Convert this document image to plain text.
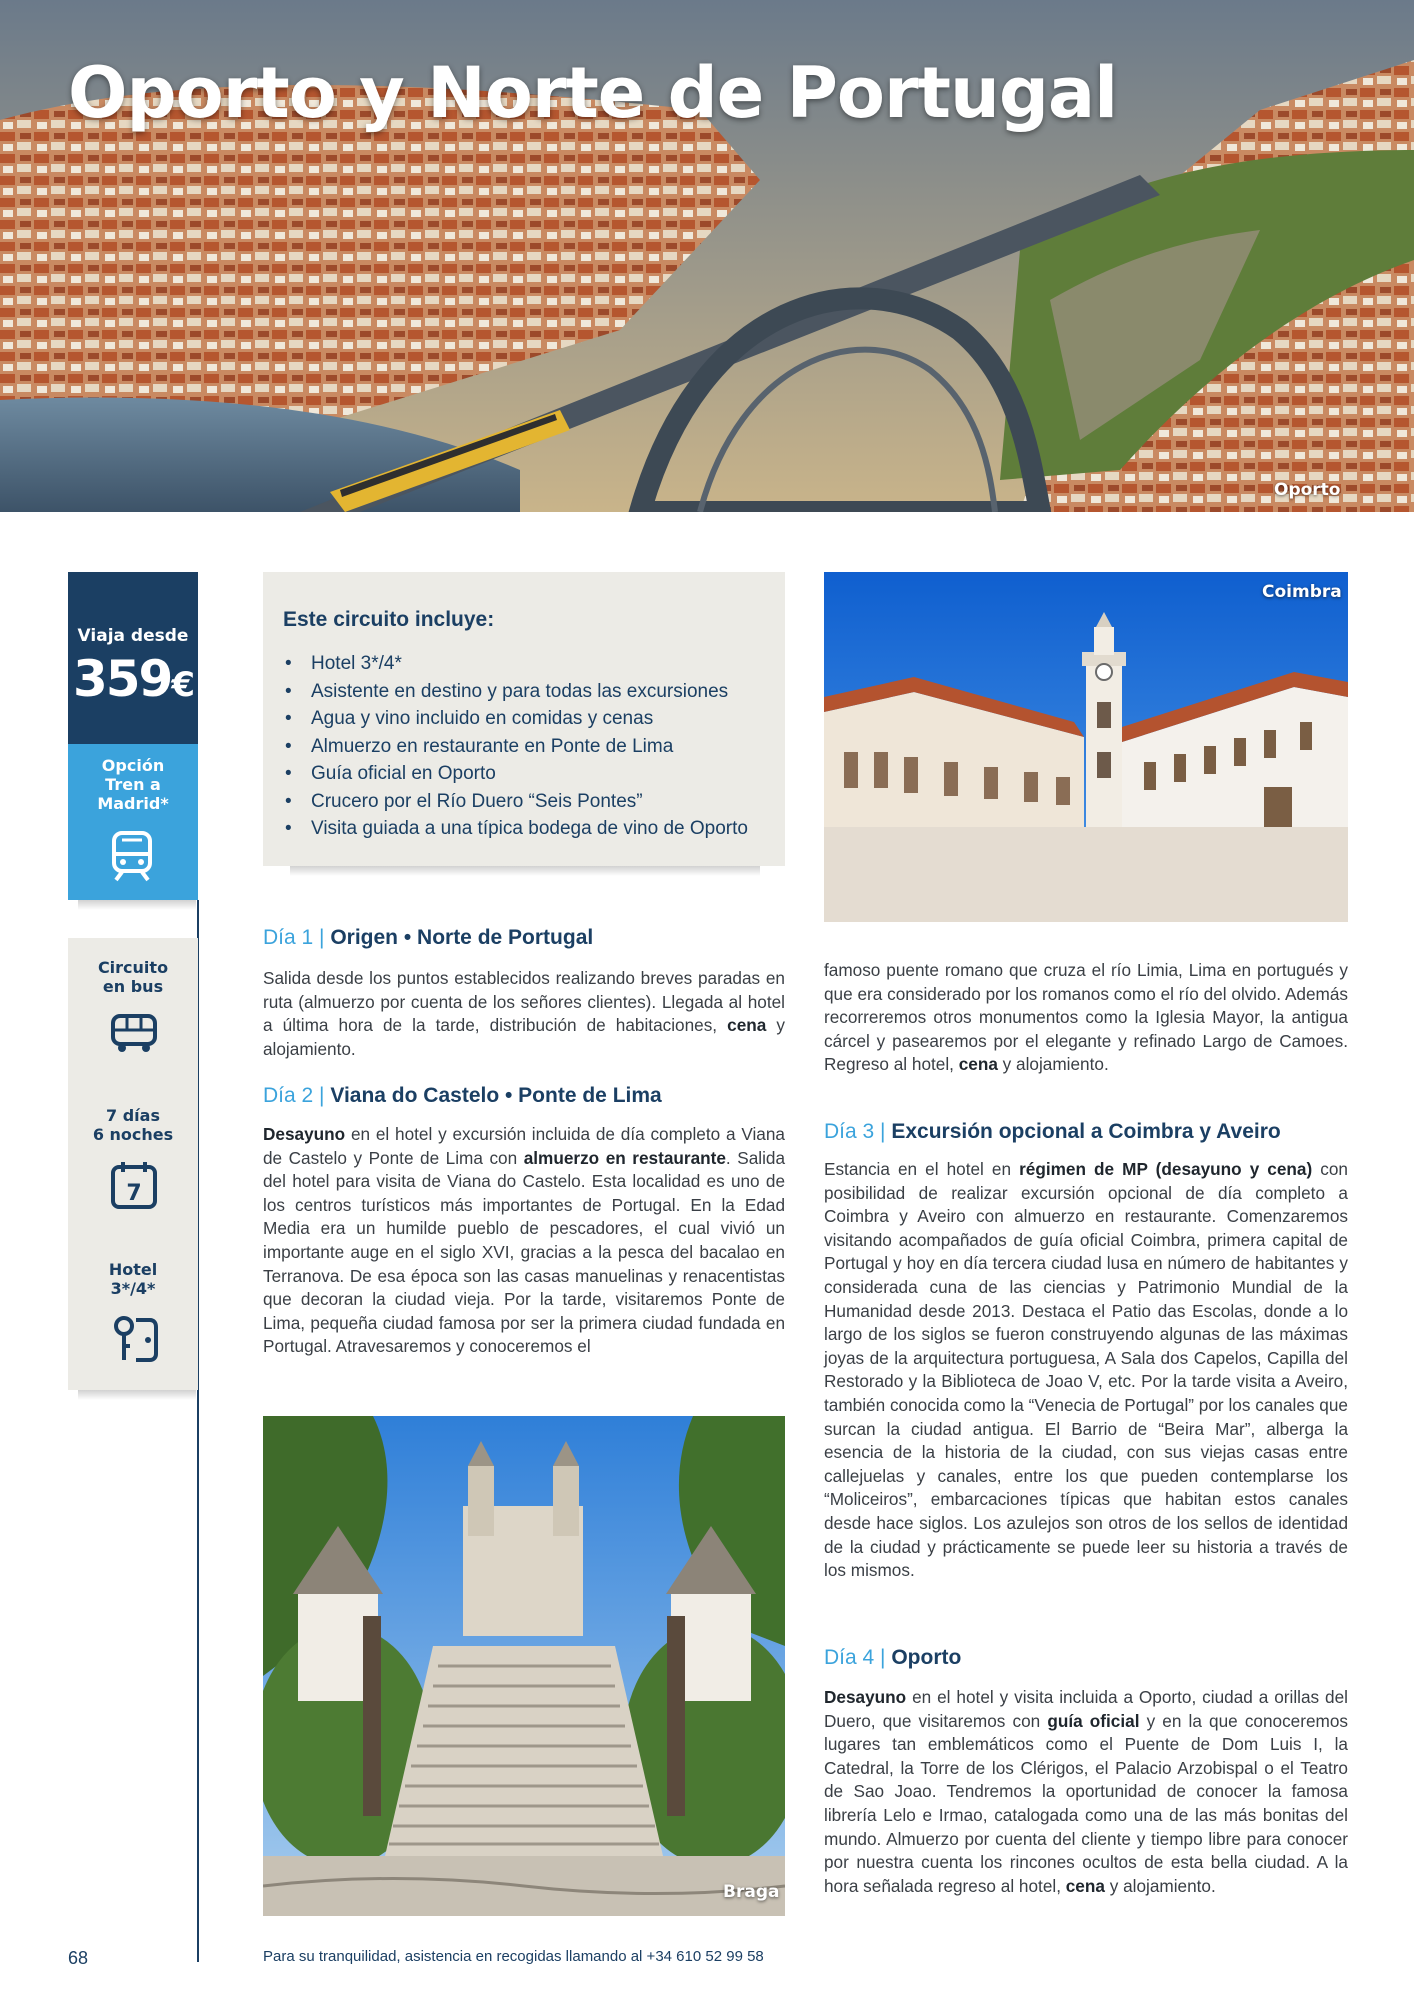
Oporto y Norte de Portugal
Oporto
Viaja desde
359€
Opción
Tren a
Madrid*
Circuito
en bus
7 días
6 noches
7
Hotel
3*/4*
Este circuito incluye:
• Hotel 3*/4*
• Asistente en destino y para todas las excursiones
• Agua y vino incluido en comidas y cenas
• Almuerzo en restaurante en Ponte de Lima
• Guía oficial en Oporto
• Crucero por el Río Duero “Seis Pontes”
• Visita guiada a una típica bodega de vino de Oporto
Coimbra
Braga
Día 1 | Origen • Norte de Portugal

Salida desde los puntos establecidos realizando breves paradas en ruta (almuerzo por cuenta de los señores clientes). Llegada al hotel a última hora de la tarde, distribución de habitaciones, cena y alojamiento.

Día 2 | Viana do Castelo • Ponte de Lima

Desayuno en el hotel y excursión incluida de día completo a Viana de Castelo y Ponte de Lima con almuerzo en restaurante. Salida del hotel para visita de Viana do Castelo. Esta localidad es uno de los centros turísticos más importantes de Portugal. En la Edad Media era un humilde pueblo de pescadores, el cual vivió un importante auge en el siglo XVI, gracias a la pesca del bacalao en Terranova. De esa época son las casas manuelinas y renacentistas que decoran la ciudad vieja. Por la tarde, visitaremos Ponte de Lima, pequeña ciudad famosa por ser la primera ciudad fundada en Portugal. Atravesaremos y conoceremos el

famoso puente romano que cruza el río Limia, Lima en portugués y que era considerado por los romanos como el río del olvido. Además recorreremos otros monumentos como la Iglesia Mayor, la antigua cárcel y pasearemos por el elegante y refinado Largo de Camoes. Regreso al hotel, cena y alojamiento.

Día 3 | Excursión opcional a Coimbra y Aveiro

Estancia en el hotel en régimen de MP (desayuno y cena) con posibilidad de realizar excursión opcional de día completo a Coimbra y Aveiro con almuerzo en restaurante. Comenzaremos visitando acompañados de guía oficial Coimbra, primera capital de Portugal y hoy en día tercera ciudad lusa en número de habitantes y considerada cuna de las ciencias y Patrimonio Mundial de la Humanidad desde 2013. Destaca el Patio das Escolas, donde a lo largo de los siglos se fueron construyendo algunas de las máximas joyas de la arquitectura portuguesa, A Sala dos Capelos, Capilla del Restorado y la Biblioteca de Joao V, etc. Por la tarde visita a Aveiro, también conocida como la “Venecia de Portugal” por los canales que surcan la ciudad antigua. El Barrio de “Beira Mar”, alberga la esencia de la historia de la ciudad, con sus viejas casas entre callejuelas y canales, entre los que pueden contemplarse los “Moliceiros”, embarcaciones típicas que habitan estos canales desde hace siglos. Los azulejos son otros de los sellos de identidad de la ciudad y prácticamente se puede leer su historia a través de los mismos.

Día 4 | Oporto

Desayuno en el hotel y visita incluida a Oporto, ciudad a orillas del Duero, que visitaremos con guía oficial y en la que conoceremos lugares tan emblemáticos como el Puente de Dom Luis I, la Catedral, la Torre de los Clérigos, el Palacio Arzobispal o el Teatro de Sao Joao. Tendremos la oportunidad de conocer la famosa librería Lelo e Irmao, catalogada como una de las más bonitas del mundo. Almuerzo por cuenta del cliente y tiempo libre para conocer por nuestra cuenta los rincones ocultos de esta bella ciudad. A la hora señalada regreso al hotel, cena y alojamiento.

68	Para su tranquilidad, asistencia en recogidas llamando al +34 610 52 99 58
